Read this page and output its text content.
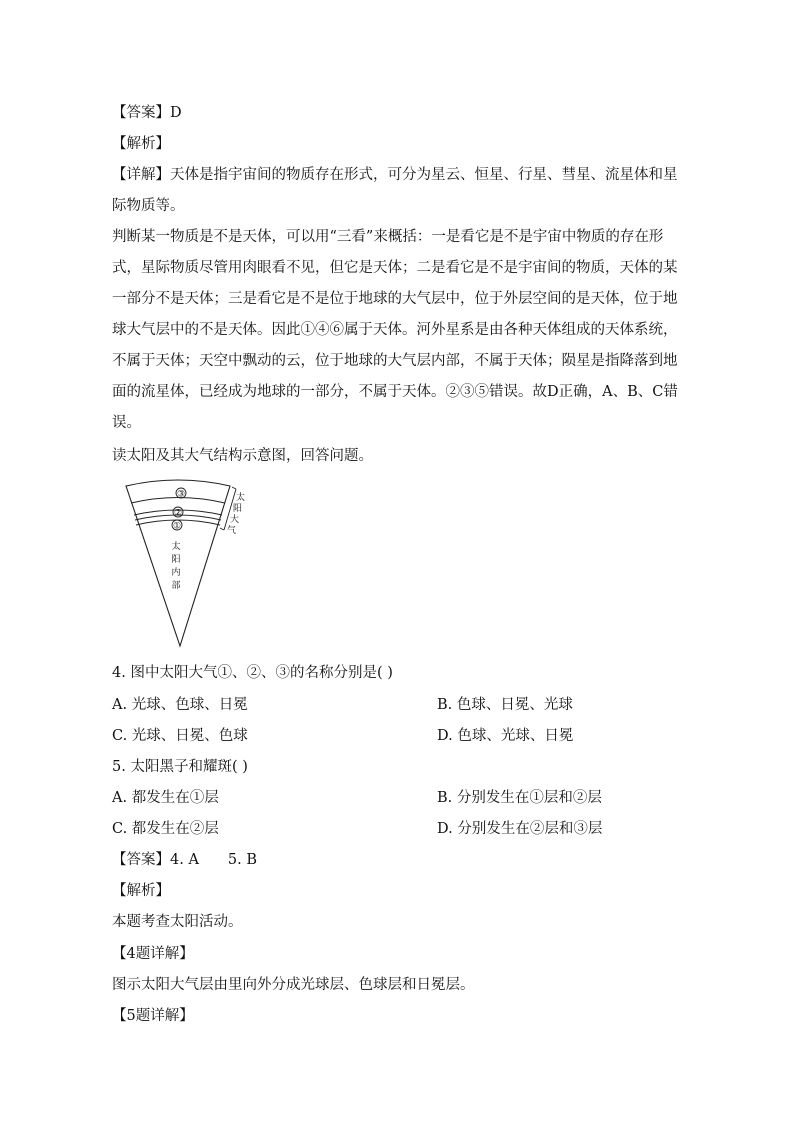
【答案】D
【解析】
【详解】天体是指宇宙间的物质存在形式，可分为星云、恒星、行星、彗星、流星体和星际物质等。
判断某一物质是不是天体，可以用“三看”来概括：一是看它是不是宇宙中物质的存在形式，星际物质尽管用肉眼看不见，但它是天体；二是看它是不是宇宙间的物质，天体的某一部分不是天体；三是看它是不是位于地球的大气层中，位于外层空间的是天体，位于地球大气层中的不是天体。因此①④⑥属于天体。河外星系是由各种天体组成的天体系统，不属于天体；天空中飘动的云，位于地球的大气层内部，不属于天体；陨星是指降落到地面的流星体，已经成为地球的一部分，不属于天体。②③⑤错误。故D正确，A、B、C错误。
读太阳及其大气结构示意图，回答问题。
③
②
①
太
阳
内
部
太
阳
大
气
4. 图中太阳大气①、②、③的名称分别是( )
A. 光球、色球、日冕	B. 色球、日冕、光球
C. 光球、日冕、色球	D. 色球、光球、日冕
5. 太阳黑子和耀斑( )
A. 都发生在①层	B. 分别发生在①层和②层
C. 都发生在②层	D. 分别发生在②层和③层
【答案】4. A　　5. B
【解析】
本题考查太阳活动。
【4题详解】
图示太阳大气层由里向外分成光球层、色球层和日冕层。
【5题详解】
